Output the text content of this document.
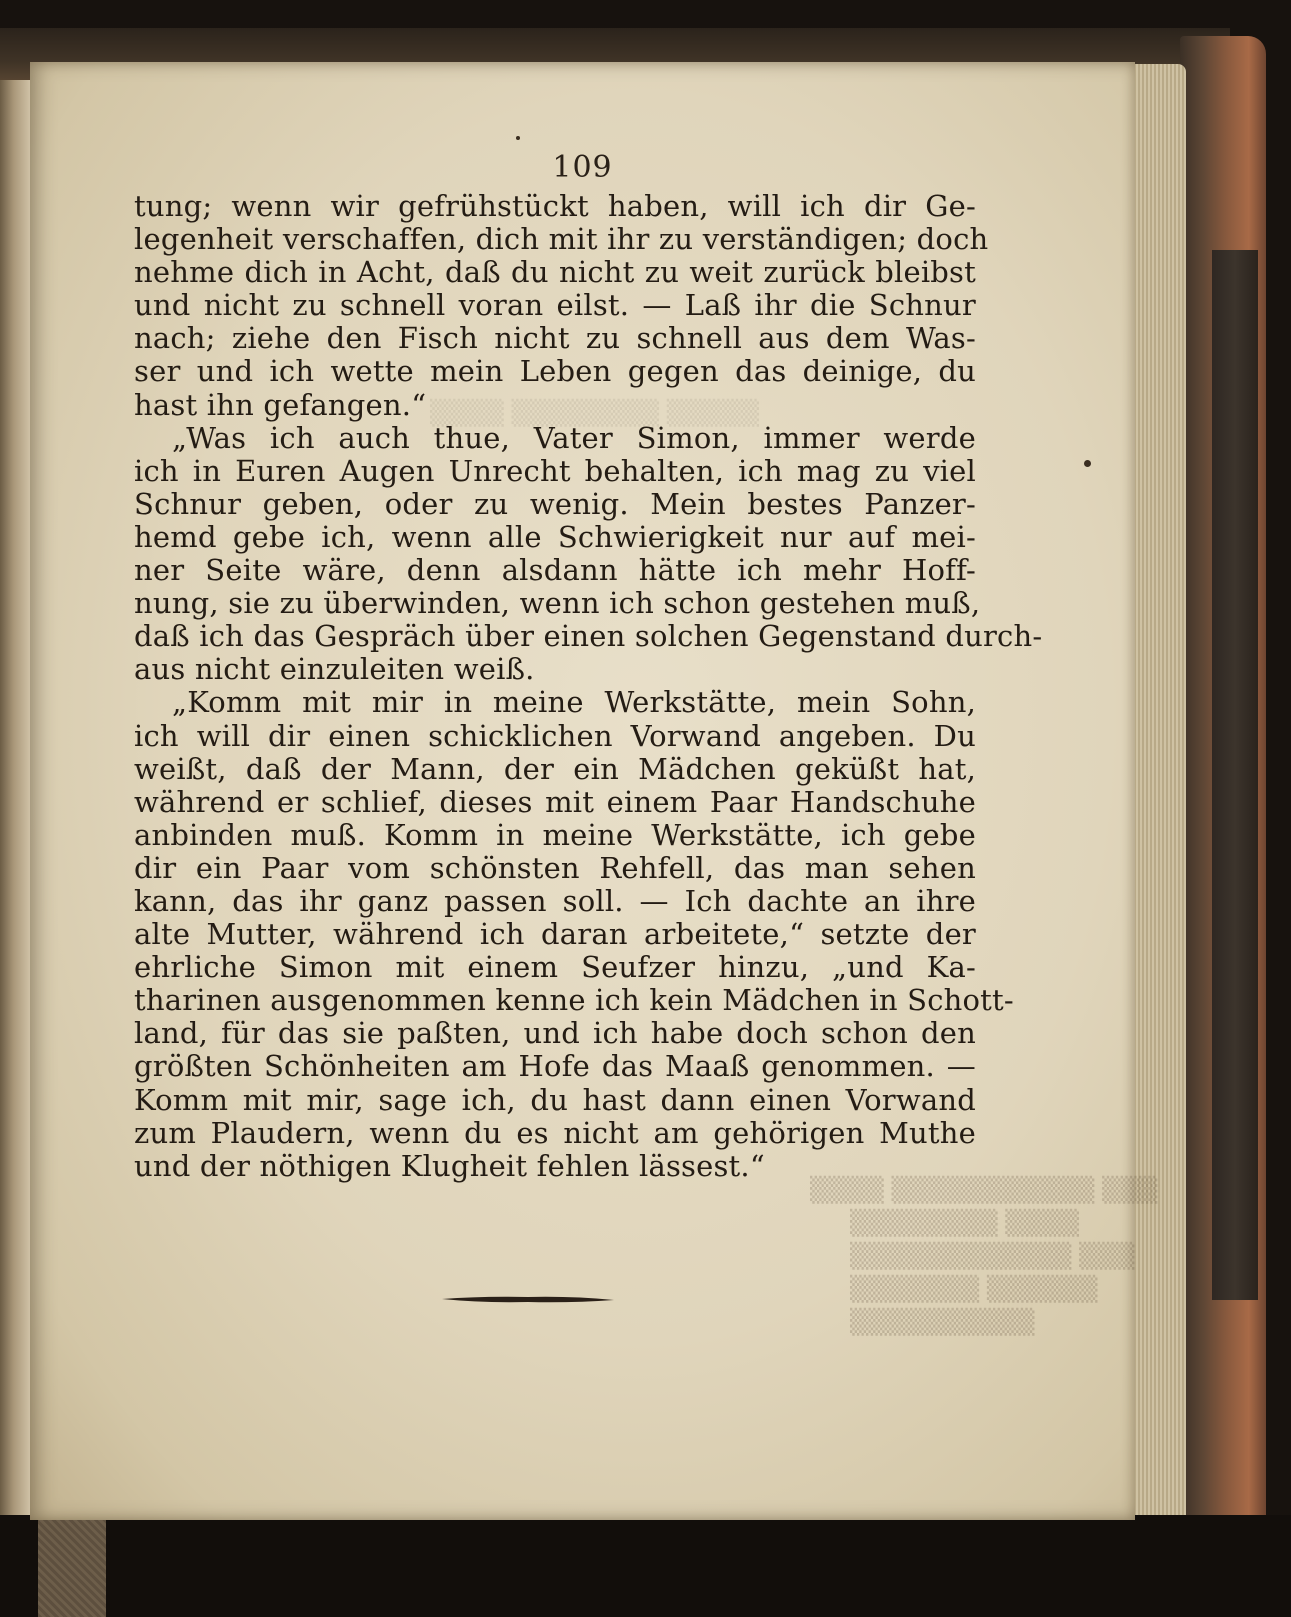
▒▒▒▒ ▒▒▒▒▒▒▒▒ ▒▒▒▒▒
109
tung; wenn wir gefrühstückt haben, will ich dir Ge-
legenheit verschaffen, dich mit ihr zu verständigen; doch
nehme dich in Acht, daß du nicht zu weit zurück bleibst
und nicht zu schnell voran eilst. — Laß ihr die Schnur
nach; ziehe den Fisch nicht zu schnell aus dem Was-
ser und ich wette mein Leben gegen das deinige, du
hast ihn gefangen.“
„Was ich auch thue, Vater Simon, immer werde
ich in Euren Augen Unrecht behalten, ich mag zu viel
Schnur geben, oder zu wenig. Mein bestes Panzer-
hemd gebe ich, wenn alle Schwierigkeit nur auf mei-
ner Seite wäre, denn alsdann hätte ich mehr Hoff-
nung, sie zu überwinden, wenn ich schon gestehen muß,
daß ich das Gespräch über einen solchen Gegenstand durch-
aus nicht einzuleiten weiß.
„Komm mit mir in meine Werkstätte, mein Sohn,
ich will dir einen schicklichen Vorwand angeben. Du
weißt, daß der Mann, der ein Mädchen geküßt hat,
während er schlief, dieses mit einem Paar Handschuhe
anbinden muß. Komm in meine Werkstätte, ich gebe
dir ein Paar vom schönsten Rehfell, das man sehen
kann, das ihr ganz passen soll. — Ich dachte an ihre
alte Mutter, während ich daran arbeitete,“ setzte der
ehrliche Simon mit einem Seufzer hinzu, „und Ka-
tharinen ausgenommen kenne ich kein Mädchen in Schott-
land, für das sie paßten, und ich habe doch schon den
größten Schönheiten am Hofe das Maaß genommen. —
Komm mit mir, sage ich, du hast dann einen Vorwand
zum Plaudern, wenn du es nicht am gehörigen Muthe
und der nöthigen Klugheit fehlen lässest.“
▒▒▒▒ ▒▒▒▒▒▒▒▒▒▒▒ ▒▒▒
▒▒▒▒▒▒▒▒ ▒▒▒▒
▒▒▒▒▒▒▒▒▒▒▒▒ ▒▒▒
▒▒▒▒▒▒▒ ▒▒▒▒▒▒
▒▒▒▒▒▒▒▒▒▒
